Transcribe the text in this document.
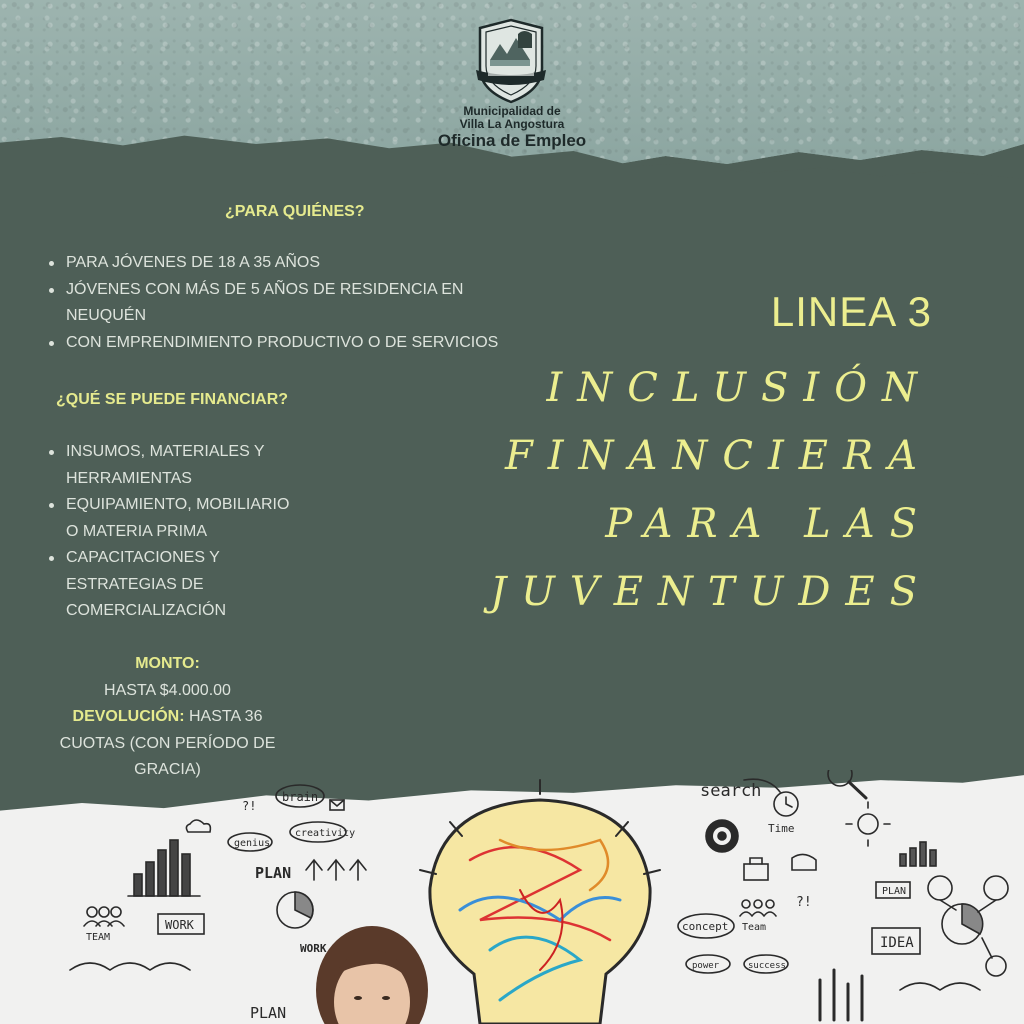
Municipalidad de
Villa La Angostura
Oficina de Empleo
¿PARA QUIÉNES?
PARA JÓVENES DE 18 A 35 AÑOS
JÓVENES CON MÁS DE 5 AÑOS DE RESIDENCIA EN
NEUQUÉN
CON EMPRENDIMIENTO PRODUCTIVO O DE SERVICIOS
¿QUÉ SE PUEDE FINANCIAR?
INSUMOS, MATERIALES Y
HERRAMIENTAS
EQUIPAMIENTO, MOBILIARIO
O MATERIA PRIMA
CAPACITACIONES Y
ESTRATEGIAS DE
COMERCIALIZACIÓN
MONTO:
HASTA $4.000.00
DEVOLUCIÓN: HASTA 36
CUOTAS (CON PERÍODO DE
GRACIA)
LINEA 3
INCLUSIÓN
FINANCIERA
PARA LAS
JUVENTUDES
brain
creativity
genius
?!
PLAN
WORK
TEAM
WORK
PLAN
search
Time
concept Team
?!
power	success
PLAN
IDEA
